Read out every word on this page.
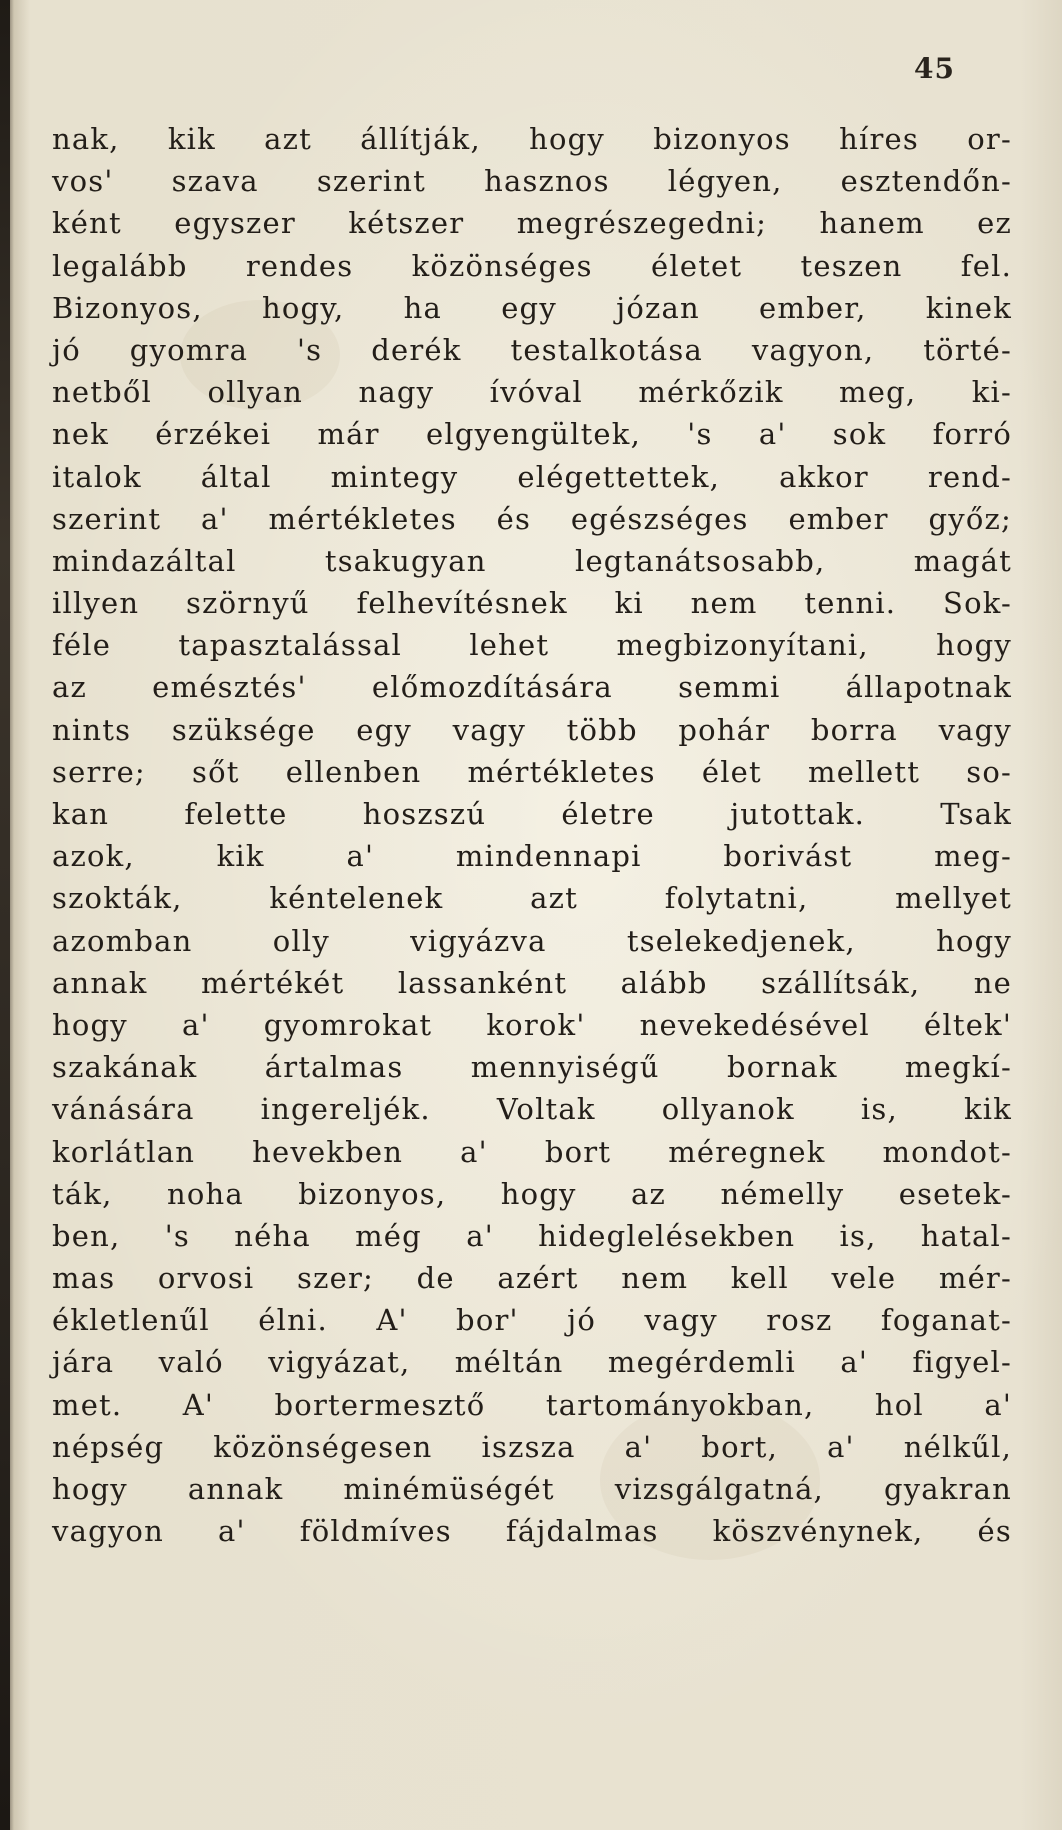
45
nak, kik azt állítják, hogy bizonyos híres or-
vos' szava szerint hasznos légyen, esztendőn-
ként egyszer kétszer megrészegedni; hanem ez
legalább rendes közönséges életet teszen fel.
Bizonyos, hogy, ha egy józan ember, kinek
jó gyomra 's derék testalkotása vagyon, törté-
netből ollyan nagy ívóval mérkőzik meg, ki-
nek érzékei már elgyengültek, 's a' sok forró
italok által mintegy elégettettek, akkor rend-
szerint a' mértékletes és egészséges ember győz;
mindazáltal tsakugyan legtanátsosabb, magát
illyen szörnyű felhevítésnek ki nem tenni. Sok-
féle tapasztalással lehet megbizonyítani, hogy
az emésztés' előmozdítására semmi állapotnak
nints szüksége egy vagy több pohár borra vagy
serre; sőt ellenben mértékletes élet mellett so-
kan felette hoszszú életre jutottak. Tsak
azok, kik a' mindennapi borivást meg-
szokták, kéntelenek azt folytatni, mellyet
azomban olly vigyázva tselekedjenek, hogy
annak mértékét lassanként alább szállítsák, ne
hogy a' gyomrokat korok' nevekedésével éltek'
szakának ártalmas mennyiségű bornak megkí-
vánására ingereljék. Voltak ollyanok is, kik
korlátlan hevekben a' bort méregnek mondot-
ták, noha bizonyos, hogy az némelly esetek-
ben, 's néha még a' hideglelésekben is, hatal-
mas orvosi szer; de azért nem kell vele mér-
ékletlenűl élni. A' bor' jó vagy rosz foganat-
jára való vigyázat, méltán megérdemli a' figyel-
met. A' bortermesztő tartományokban, hol a'
népség közönségesen iszsza a' bort, a' nélkűl,
hogy annak minémüségét vizsgálgatná, gyakran
vagyon a' földmíves fájdalmas köszvénynek, és
